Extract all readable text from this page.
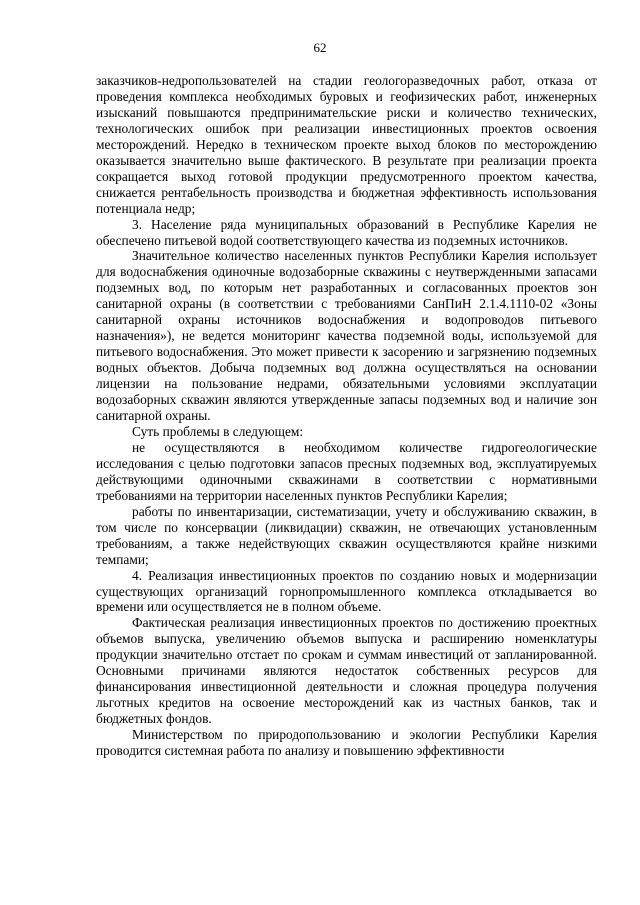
62

заказчиков-недропользователей на стадии геологоразведочных работ, отказа от проведения комплекса необходимых буровых и геофизических работ, инженерных изысканий повышаются предпринимательские риски и количество технических, технологических ошибок при реализации инвестиционных проектов освоения месторождений. Нередко в техническом проекте выход блоков по месторождению оказывается значительно выше фактического. В результате при реализации проекта сокращается выход готовой продукции предусмотренного проектом качества, снижается рентабельность производства и бюджетная эффективность использования потенциала недр;

3. Население ряда муниципальных образований в Республике Карелия не обеспечено питьевой водой соответствующего качества из подземных источников.

Значительное количество населенных пунктов Республики Карелия использует для водоснабжения одиночные водозаборные скважины с неутвержденными запасами подземных вод, по которым нет разработанных и согласованных проектов зон санитарной охраны (в соответствии с требованиями СанПиН 2.1.4.1110-02 «Зоны санитарной охраны источников водоснабжения и водопроводов питьевого назначения»), не ведется мониторинг качества подземной воды, используемой для питьевого водоснабжения. Это может привести к засорению и загрязнению подземных водных объектов. Добыча подземных вод должна осуществляться на основании лицензии на пользование недрами, обязательными условиями эксплуатации водозаборных скважин являются утвержденные запасы подземных вод и наличие зон санитарной охраны.

Суть проблемы в следующем:

не осуществляются в необходимом количестве гидрогеологические исследования с целью подготовки запасов пресных подземных вод, эксплуатируемых действующими одиночными скважинами в соответствии с нормативными требованиями на территории населенных пунктов Республики Карелия;

работы по инвентаризации, систематизации, учету и обслуживанию скважин, в том числе по консервации (ликвидации) скважин, не отвечающих установленным требованиям, а также недействующих скважин осуществляются крайне низкими темпами;

4. Реализация инвестиционных проектов по созданию новых и модернизации существующих организаций горнопромышленного комплекса откладывается во времени или осуществляется не в полном объеме.

Фактическая реализация инвестиционных проектов по достижению проектных объемов выпуска, увеличению объемов выпуска и расширению номенклатуры продукции значительно отстает по срокам и суммам инвестиций от запланированной. Основными причинами являются недостаток собственных ресурсов для финансирования инвестиционной деятельности и сложная процедура получения льготных кредитов на освоение месторождений как из частных банков, так и бюджетных фондов.

Министерством по природопользованию и экологии Республики Карелия проводится системная работа по анализу и повышению эффективности
